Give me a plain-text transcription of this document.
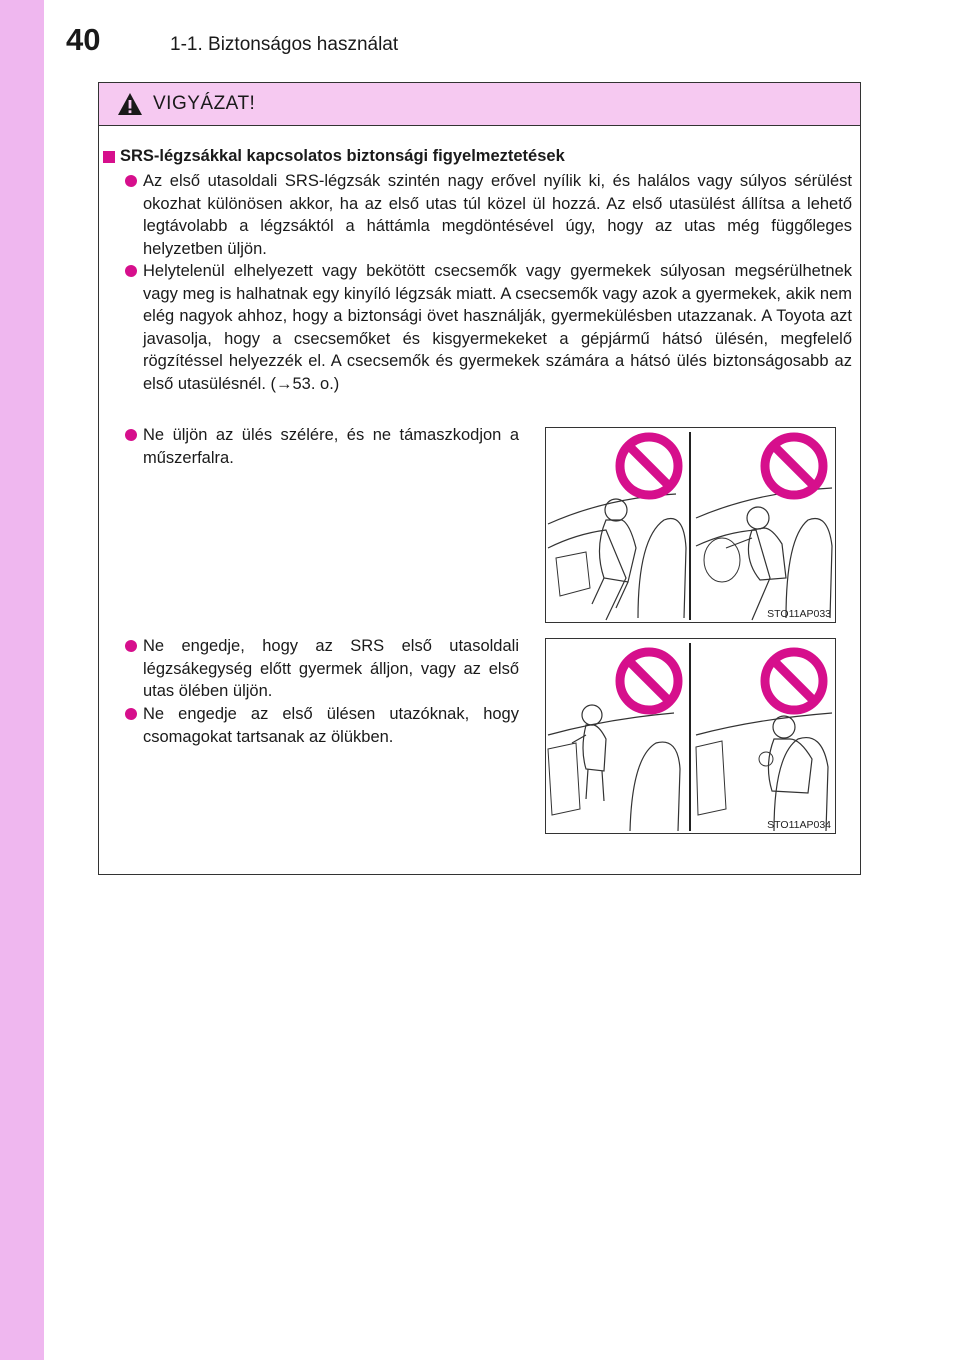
40	1-1. Biztonságos használat
VIGYÁZAT!
SRS-légzsákkal kapcsolatos biztonsági figyelmeztetések
Az első utasoldali SRS-légzsák szintén nagy erővel nyílik ki, és halálos vagy súlyos sérülést okozhat különösen akkor, ha az első utas túl közel ül hozzá. Az első utasülést állítsa a lehető legtávolabb a légzsáktól a háttámla megdöntésével úgy, hogy az utas még függőleges helyzetben üljön.
Helytelenül elhelyezett vagy bekötött csecsemők vagy gyermekek súlyosan megsérülhetnek vagy meg is halhatnak egy kinyíló légzsák miatt. A csecsemők vagy azok a gyermekek, akik nem elég nagyok ahhoz, hogy a biztonsági övet használják, gyermekülésben utazzanak. A Toyota azt javasolja, hogy a csecsemőket és kisgyermekeket a gépjármű hátsó ülésén, megfelelő rögzítéssel helyezzék el. A csecsemők és gyermekek számára a hátsó ülés biztonságosabb az első utasülésnél. (→53. o.)
Ne üljön az ülés szélére, és ne támaszkodjon a műszerfalra.
Ne engedje, hogy az SRS első utasoldali légzsákegység előtt gyermek álljon, vagy az első utas ölében üljön.
Ne engedje az első ülésen utazóknak, hogy csomagokat tartsanak az ölükben.
STO11AP033
STO11AP034
